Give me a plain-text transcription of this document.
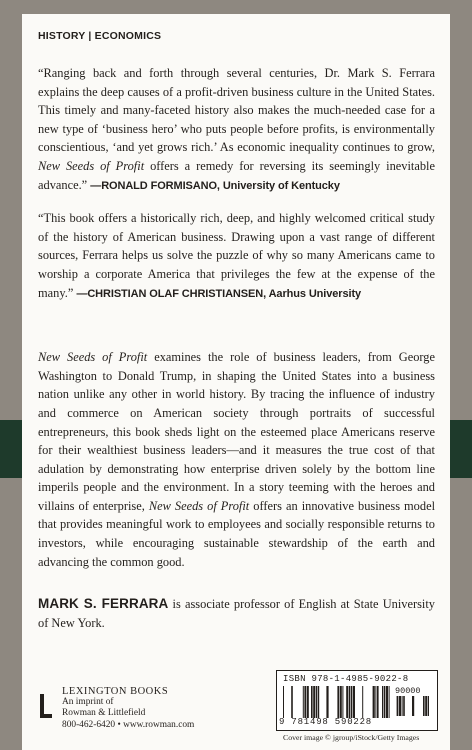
HISTORY | ECONOMICS

“Ranging back and forth through several centuries, Dr. Mark S. Ferrara explains the deep causes of a profit-driven business culture in the United States. This timely and many-faceted history also makes the much-needed case for a new type of ‘business hero’ who puts people before profits, is environmentally conscientious, ‘and yet grows rich.’ As economic inequality continues to grow, New Seeds of Profit offers a remedy for reversing its seemingly inevitable advance.” —RONALD FORMISANO, University of Kentucky

“This book offers a historically rich, deep, and highly welcomed critical study of the history of American business. Drawing upon a vast range of different sources, Ferrara helps us solve the puzzle of why so many Americans came to worship a corporate America that privileges the few at the expense of the many.” —CHRISTIAN OLAF CHRISTIANSEN, Aarhus University

New Seeds of Profit examines the role of business leaders, from George Washington to Donald Trump, in shaping the United States into a business nation unlike any other in world history. By tracing the influence of industry and commerce on American society through portraits of successful entrepreneurs, this book sheds light on the esteemed place Americans reserve for their wealthiest business leaders—and it measures the true cost of that adulation by demonstrating how enterprise driven solely by the bottom line imperils people and the environment. In a story teeming with the heroes and villains of enterprise, New Seeds of Profit offers an innovative business model that provides meaningful work to employees and socially responsible returns to investors, while encouraging sustainable stewardship of the earth and advancing the common good.

MARK S. FERRARA is associate professor of English at State University of New York.

LEXINGTON BOOKS
An imprint of
Rowman & Littlefield
800-462-6420 • www.rowman.com
ISBN 978-1-4985-9022-8
90000
9 781498 590228
Cover image © jgroup/iStock/Getty Images
